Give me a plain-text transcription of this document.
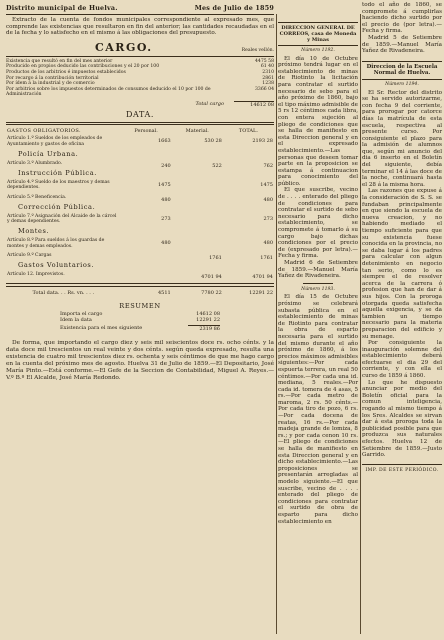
Distrito municipal de Huelva.	Mes de Julio de 1859

Extracto de la cuenta de fondos municipales correspondiente al expresado mes, que comprende las existencias que resultaron en fin del anterior; las cantidades recaudadas en el de la fecha y lo satisfecho en el mismo á las obligaciones del presupuesto.

CARGO.	Reales vellón.
Existencia que resultó en fin del mes anterior	4475 58
Producido en propios deducido las contribuciones y el 20 por 100	61 40
Productos de los arbitrios é impuestos establecidos	2310
Por recargo á la contribución territorial	2861
Por ídem á la industrial y de comercio	1238
Por arbitrios sobre los impuestos determinados de consumos deducido el 10 por 100 de Administración
3366 04
Total cargo	14612 08
DATA.
GASTOS OBLIGATORIOS.	Personal.	Material.	TOTAL.
Artículo 1.º Sueldos de los empleados de Ayuntamiento y gastos de oficina	1663	530 28	2193 28
Policía Urbana.			
Artículo 3.º Alumbrado.	240	522	762
Instrucción Pública.			
Artículo 4.º Sueldo de los maestros y demas dependientes.	1475		1475
Artículo 5.º Beneficencia.	480		480
Corrección Pública.			
Artículo 7.º Asignación del Alcaide de la cárcel y demas dependientes.	273		273
Montes.			
Artículo 8.º Para sueldos á los guardas de montes y demas empleados.	480		480
Artículo 9.º Cargas		1761	1761
Gastos Voluntarios.			
Artículo 12. Imprevistos.		4701 94	4701 94
Total data. . . Rs. vn. . . .	4511	7780 22	12291 22
RESUMEN
Importa el cargo	14612 08
Idem la data	12291 22
Existencia para el mes siguiente	2319 86

De forma, que importando el cargo diez y seis mil seiscientos doce rs. ocho cénts. y la data doce mil trescientos un real veinte y dos cénts. según queda expresado, resulta una existencia de cuatro mil trescientos diez rs. ochenta y seis céntimos de que me hago cargo en la cuenta del próximo mes de agosto. Huelva 31 de Julio de 1859.—El Depositario, José María Pinto.—Está conforme.—El Gefe de la Seccion de Contabilidad, Miguel A. Reyes.—V.º B.º El Alcalde, José María Redondo.

DIRECCION GENERAL DE CORREOS, casa de Moneda y Minas
Número 1192.

El día 10 de Octubre próximo tendrá lugar en el establecimiento de minas de Riotinto la licitación para contratar el surtido necesario de sebo para el año próximo de 1860, bajo el tipo máximo admisible de 5 rs 12 céntimos cada libra, con entera sujeción al pliego de condiciones que se halla de manifiesto en esta Direccion general y en el expresado establecimiento.—Las personas que deseen tomar parte en la proposicion se estampa á continuacion para conocimiento del público.

El que suscribe, vecino de . . . . enterado del pliego de condiciones para contratar el surtido de sebo necesario para dicho establecimiento, se compromete á tomarlo á su cargo bajo dichas condiciones por el precio de (expresado por letra).—Fecha y firma.

Madrid 6 de Setiembre de 1859.—Manuel María Yañez de Rivadeneira.

Número 1193.

El día 15 de Octubre próximo se celebrará subasta pública en el establecimiento de minas de Riotinto para contratar la obra de esparto necesaria para el surtido del mismo durante el año próximo de 1860, á los precios máximos admisibles siguientes:—Por cada espuerta terrera, un real 50 céntimos.—Por cada una id. mediana, 5 reales.—Por cada id. tomera de 4 asas, 5 rs.—Por cada metro de maroma, 2 rs. 50 cénts.—Por cada tiro de pozo, 6 rs.—Por cada docena de reatas, 16 rs.—Por cada madeja grande de lomiza, 8 rs.; y por cada cenon 10 rs.—El pliego de condiciones se halla de manifiesto en esta Direccion general y en dicho establecimiento.—Las proposiciones se presentarán arregladas al modelo siguiente.—El que suscribe, vecino de . . . . enterado del pliego de condiciones para contratar el surtido de obra de esparto para dicho establecimiento en

todo el año de 1860, se compromete á cumplirlas haciendo dicho surtido por el precio de (por letra).—Fecha y firma.

Madrid 5 de Setiembre de 1859.—Manuel María Yañez de Rivadeneira.

Direccion de la Escuela Normal de Huelva.
Número 1194.

El Sr. Rector del distrito se ha servido autorizarme, con fecha 9 del corriente, para prorogar por catorce días la matrícula de esta escuela, respectiva al presente curso. Por consiguiente el plazo para la admisión de alumnos que, según mi anuncio del dia 6 inserto en el Boletín del siguiente, debía terminar el 14 á las doce de la noche, continuará hasta el 28 á la misma hora.

Las razones que expuse á la consideración de S. S. se fundaban principalmente en que siendo la escuela de nueva creacion, y no habiendo mediado el tiempo suficiente para que su existencia fuese conocida en la provincia, no se daba lugar á los padres para calcular con algun detenimiento en negocio tan serio, como lo es siempre el de resolver acerca de la carrera ó profesion que han de dar á sus hijos. Con la proroga otorgada queda satisfecha aquella exigencia, y se da tambien un tiempo necesario para la materia preparacion del edificio y su menage.

Por consiguiente la inauguración solemne del establecimiento deberá efectuarse el dia 29 del corriente, y con ella el curso de 1859 á 1860.

Lo que he dispuesto anunciar por medio del Boletín oficial para la comun inteligencia, rogando al mismo tiempo á los Sres. Alcaldes se sirvan dar á esta proroga toda la publicidad posible para que produzca sus naturales efectos. Huelva 12 de Setiembre de 1859.—Justo Garrido.

IMP. DE ESTE PERIÓDICO.
